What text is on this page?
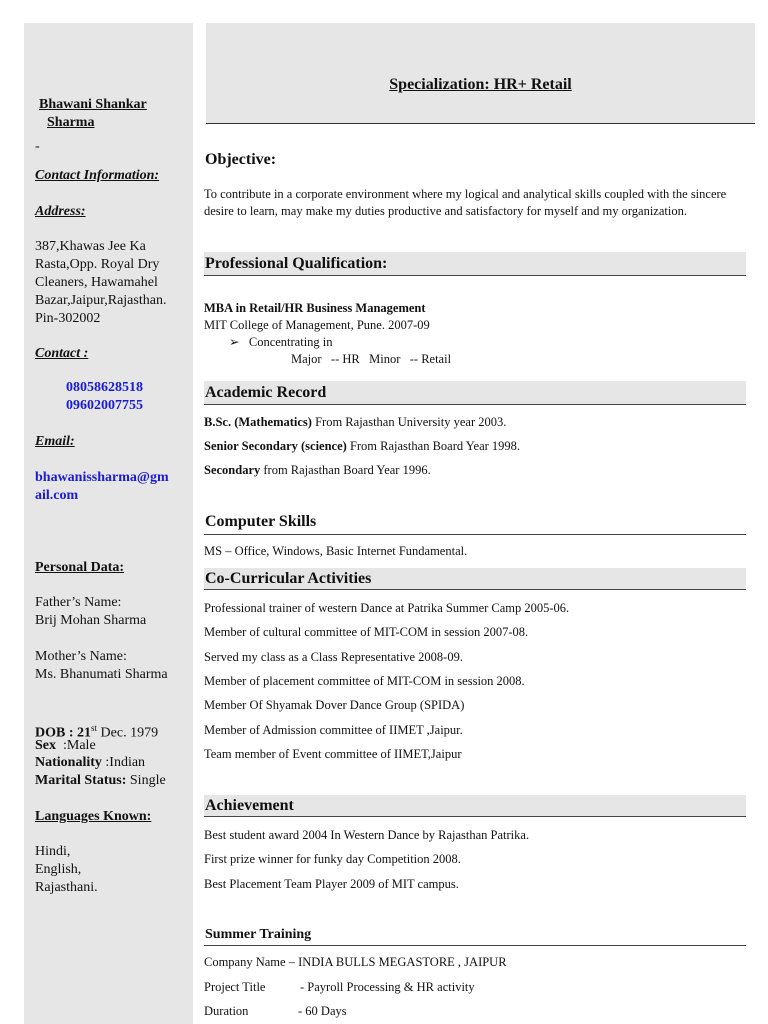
Bhawani Shankar
Sharma
-
Contact Information:
Address:
387,Khawas Jee Ka
Rasta,Opp. Royal Dry
Cleaners, Hawamahel
Bazar,Jaipur,Rajasthan.
Pin-302002
Contact :
08058628518
09602007755
Email:
bhawanissharma@gm
ail.com
Personal Data:
Father’s Name:
Brij Mohan Sharma
Mother’s Name:
Ms. Bhanumati Sharma
DOB : 21st Dec. 1979
Sex  :Male
Nationality :Indian
Marital Status: Single
Languages Known:
Hindi,
English,
Rajasthani.
Specialization: HR+ Retail
Objective:
To contribute in a corporate environment where my logical and analytical skills coupled with the sincere desire to learn, may make my duties productive and satisfactory for myself and my organization.
Professional Qualification:
MBA in Retail/HR Business Management
MIT College of Management, Pune. 2007-09
➢ Concentrating in
Major   -- HR   Minor   -- Retail
Academic Record
B.Sc. (Mathematics) From Rajasthan University year 2003.
Senior Secondary (science) From Rajasthan Board Year 1998.
Secondary from Rajasthan Board Year 1996.
Computer Skills
MS – Office, Windows, Basic Internet Fundamental.
Co-Curricular Activities
Professional trainer of western Dance at Patrika Summer Camp 2005-06.
Member of cultural committee of MIT-COM in session 2007-08.
Served my class as a Class Representative 2008-09.
Member of placement committee of MIT-COM in session 2008.
Member Of Shyamak Dover Dance Group (SPIDA)
Member of Admission committee of IIMET ,Jaipur.
Team member of Event committee of IIMET,Jaipur
Achievement
Best student award 2004 In Western Dance by Rajasthan Patrika.
First prize winner for funky day Competition 2008.
Best Placement Team Player 2009 of MIT campus.
Summer Training
Company Name – INDIA BULLS MEGASTORE , JAIPUR
Project Title	- Payroll Processing & HR activity
Duration	- 60 Days
